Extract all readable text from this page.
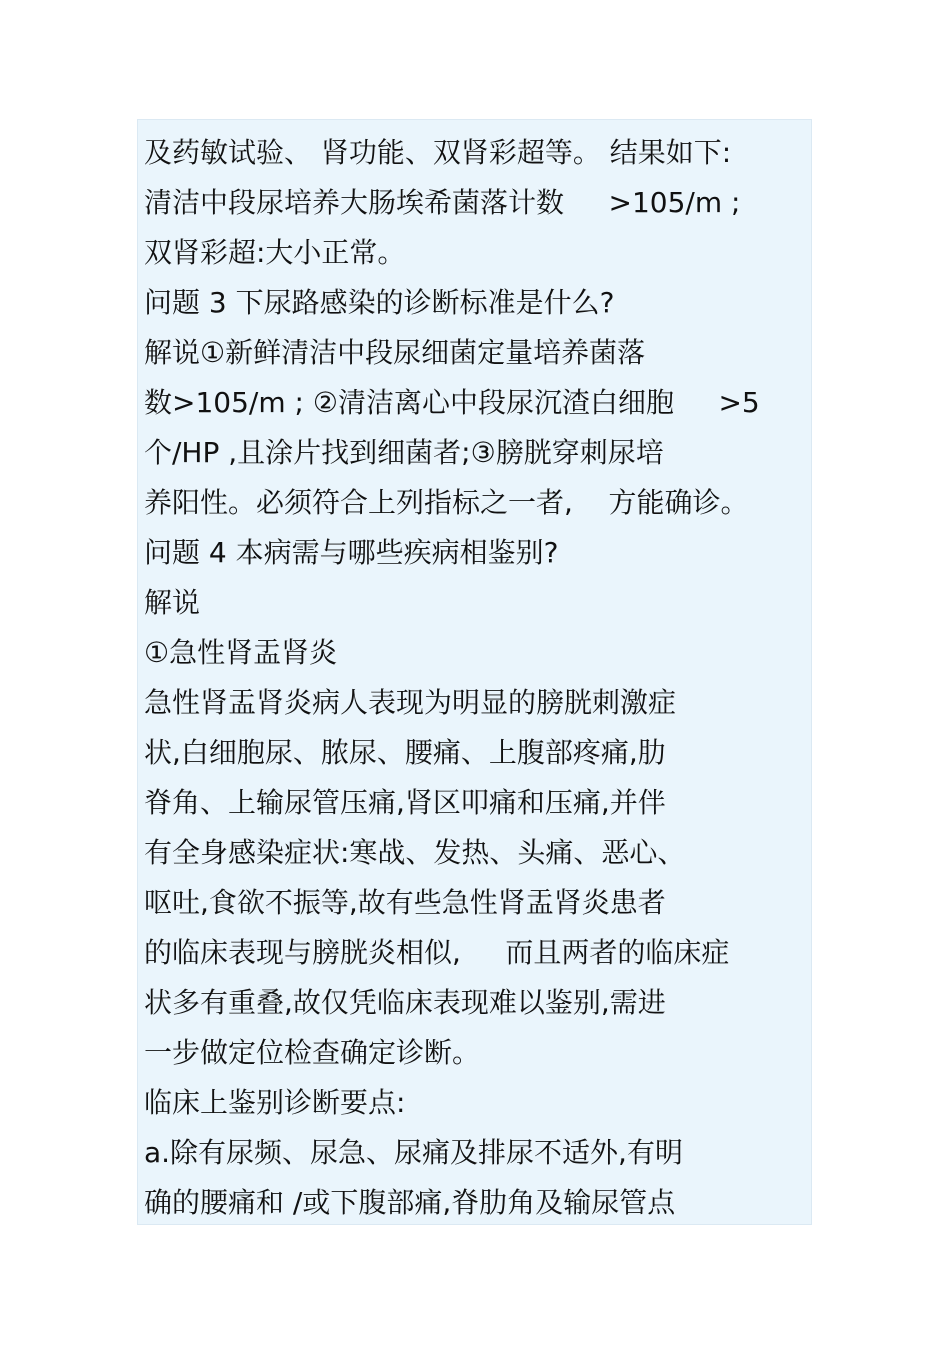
及药敏试验、 肾功能、双肾彩超等。 结果如下:
清洁中段尿培养大肠埃希菌落计数     >105/m ;
双肾彩超:大小正常。
问题 3 下尿路感染的诊断标准是什么?
解说①新鲜清洁中段尿细菌定量培养菌落
数>105/m ; ②清洁离心中段尿沉渣白细胞     >5
个/HP ,且涂片找到细菌者;③膀胱穿刺尿培
养阳性。必须符合上列指标之一者,    方能确诊。
问题 4 本病需与哪些疾病相鉴别?
解说
①急性肾盂肾炎
急性肾盂肾炎病人表现为明显的膀胱刺激症
状,白细胞尿、脓尿、腰痛、上腹部疼痛,肋
脊角、上输尿管压痛,肾区叩痛和压痛,并伴
有全身感染症状:寒战、发热、头痛、恶心、
呕吐,食欲不振等,故有些急性肾盂肾炎患者
的临床表现与膀胱炎相似,     而且两者的临床症
状多有重叠,故仅凭临床表现难以鉴别,需进
一步做定位检查确定诊断。
临床上鉴别诊断要点:
a.除有尿频、尿急、尿痛及排尿不适外,有明
确的腰痛和 /或下腹部痛,脊肋角及输尿管点
